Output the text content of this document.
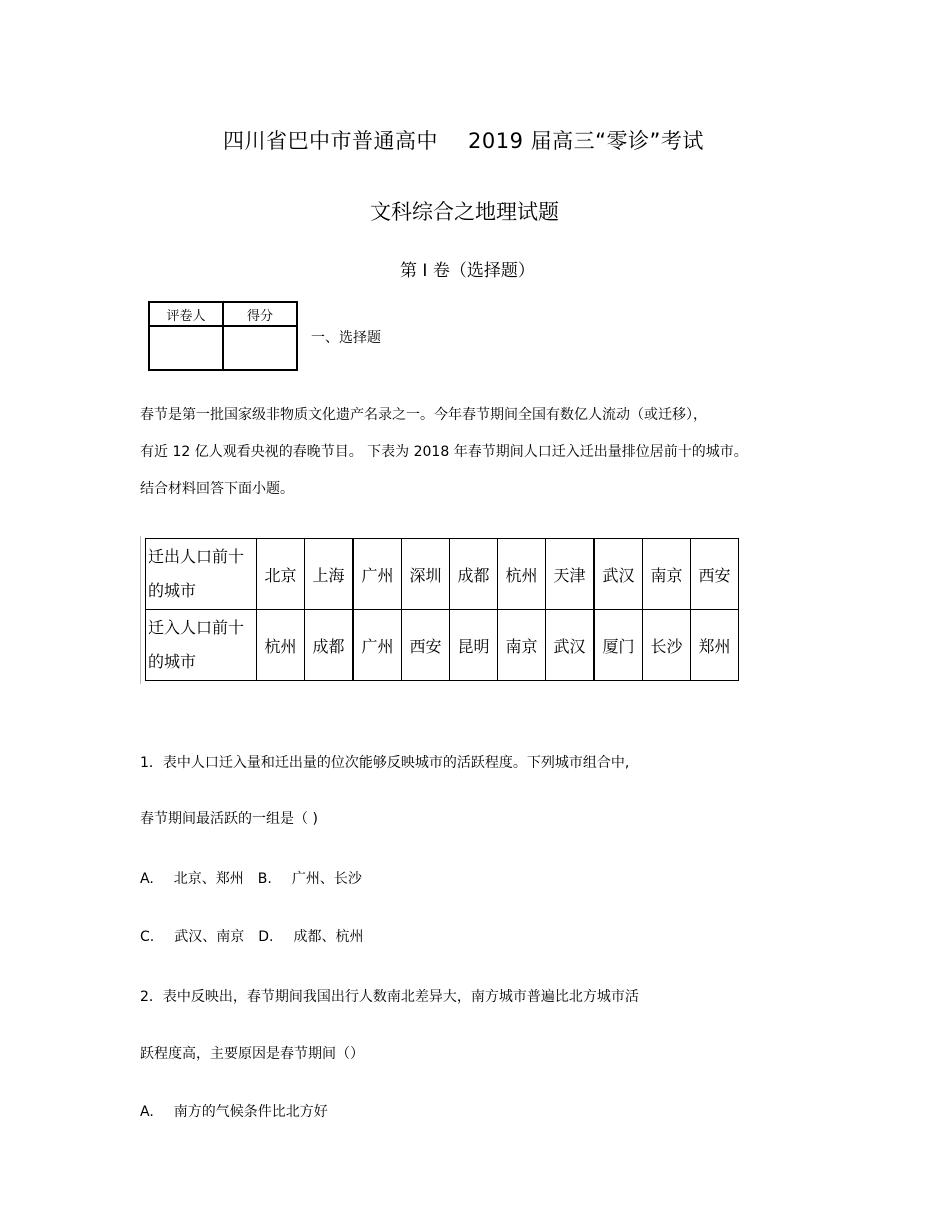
四川省巴中市普通高中 2019 届高三“零诊”考试
文科综合之地理试题
第 I 卷（选择题）
评卷人	得分

一、选择题
春节是第一批国家级非物质文化遗产名录之一。今年春节期间全国有数亿人流动（或迁移），
有近 12 亿人观看央视的春晚节目。 下表为 2018 年春节期间人口迁入迁出量排位居前十的城市。
结合材料回答下面小题。
迁出人口前十
的城市	北京	上海	广州	深圳	成都	杭州	天津	武汉	南京	西安

迁入人口前十
的城市	杭州	成都	广州	西安	昆明	南京	武汉	厦门	长沙	郑州
1．表中人口迁入量和迁出量的位次能够反映城市的活跃程度。下列城市组合中,
春节期间最活跃的一组是（ )
A. 北京、郑州 B. 广州、长沙
C. 武汉、南京 D. 成都、杭州
2．表中反映出，春节期间我国出行人数南北差异大，南方城市普遍比北方城市活
跃程度高，主要原因是春节期间（）
A. 南方的气候条件比北方好
